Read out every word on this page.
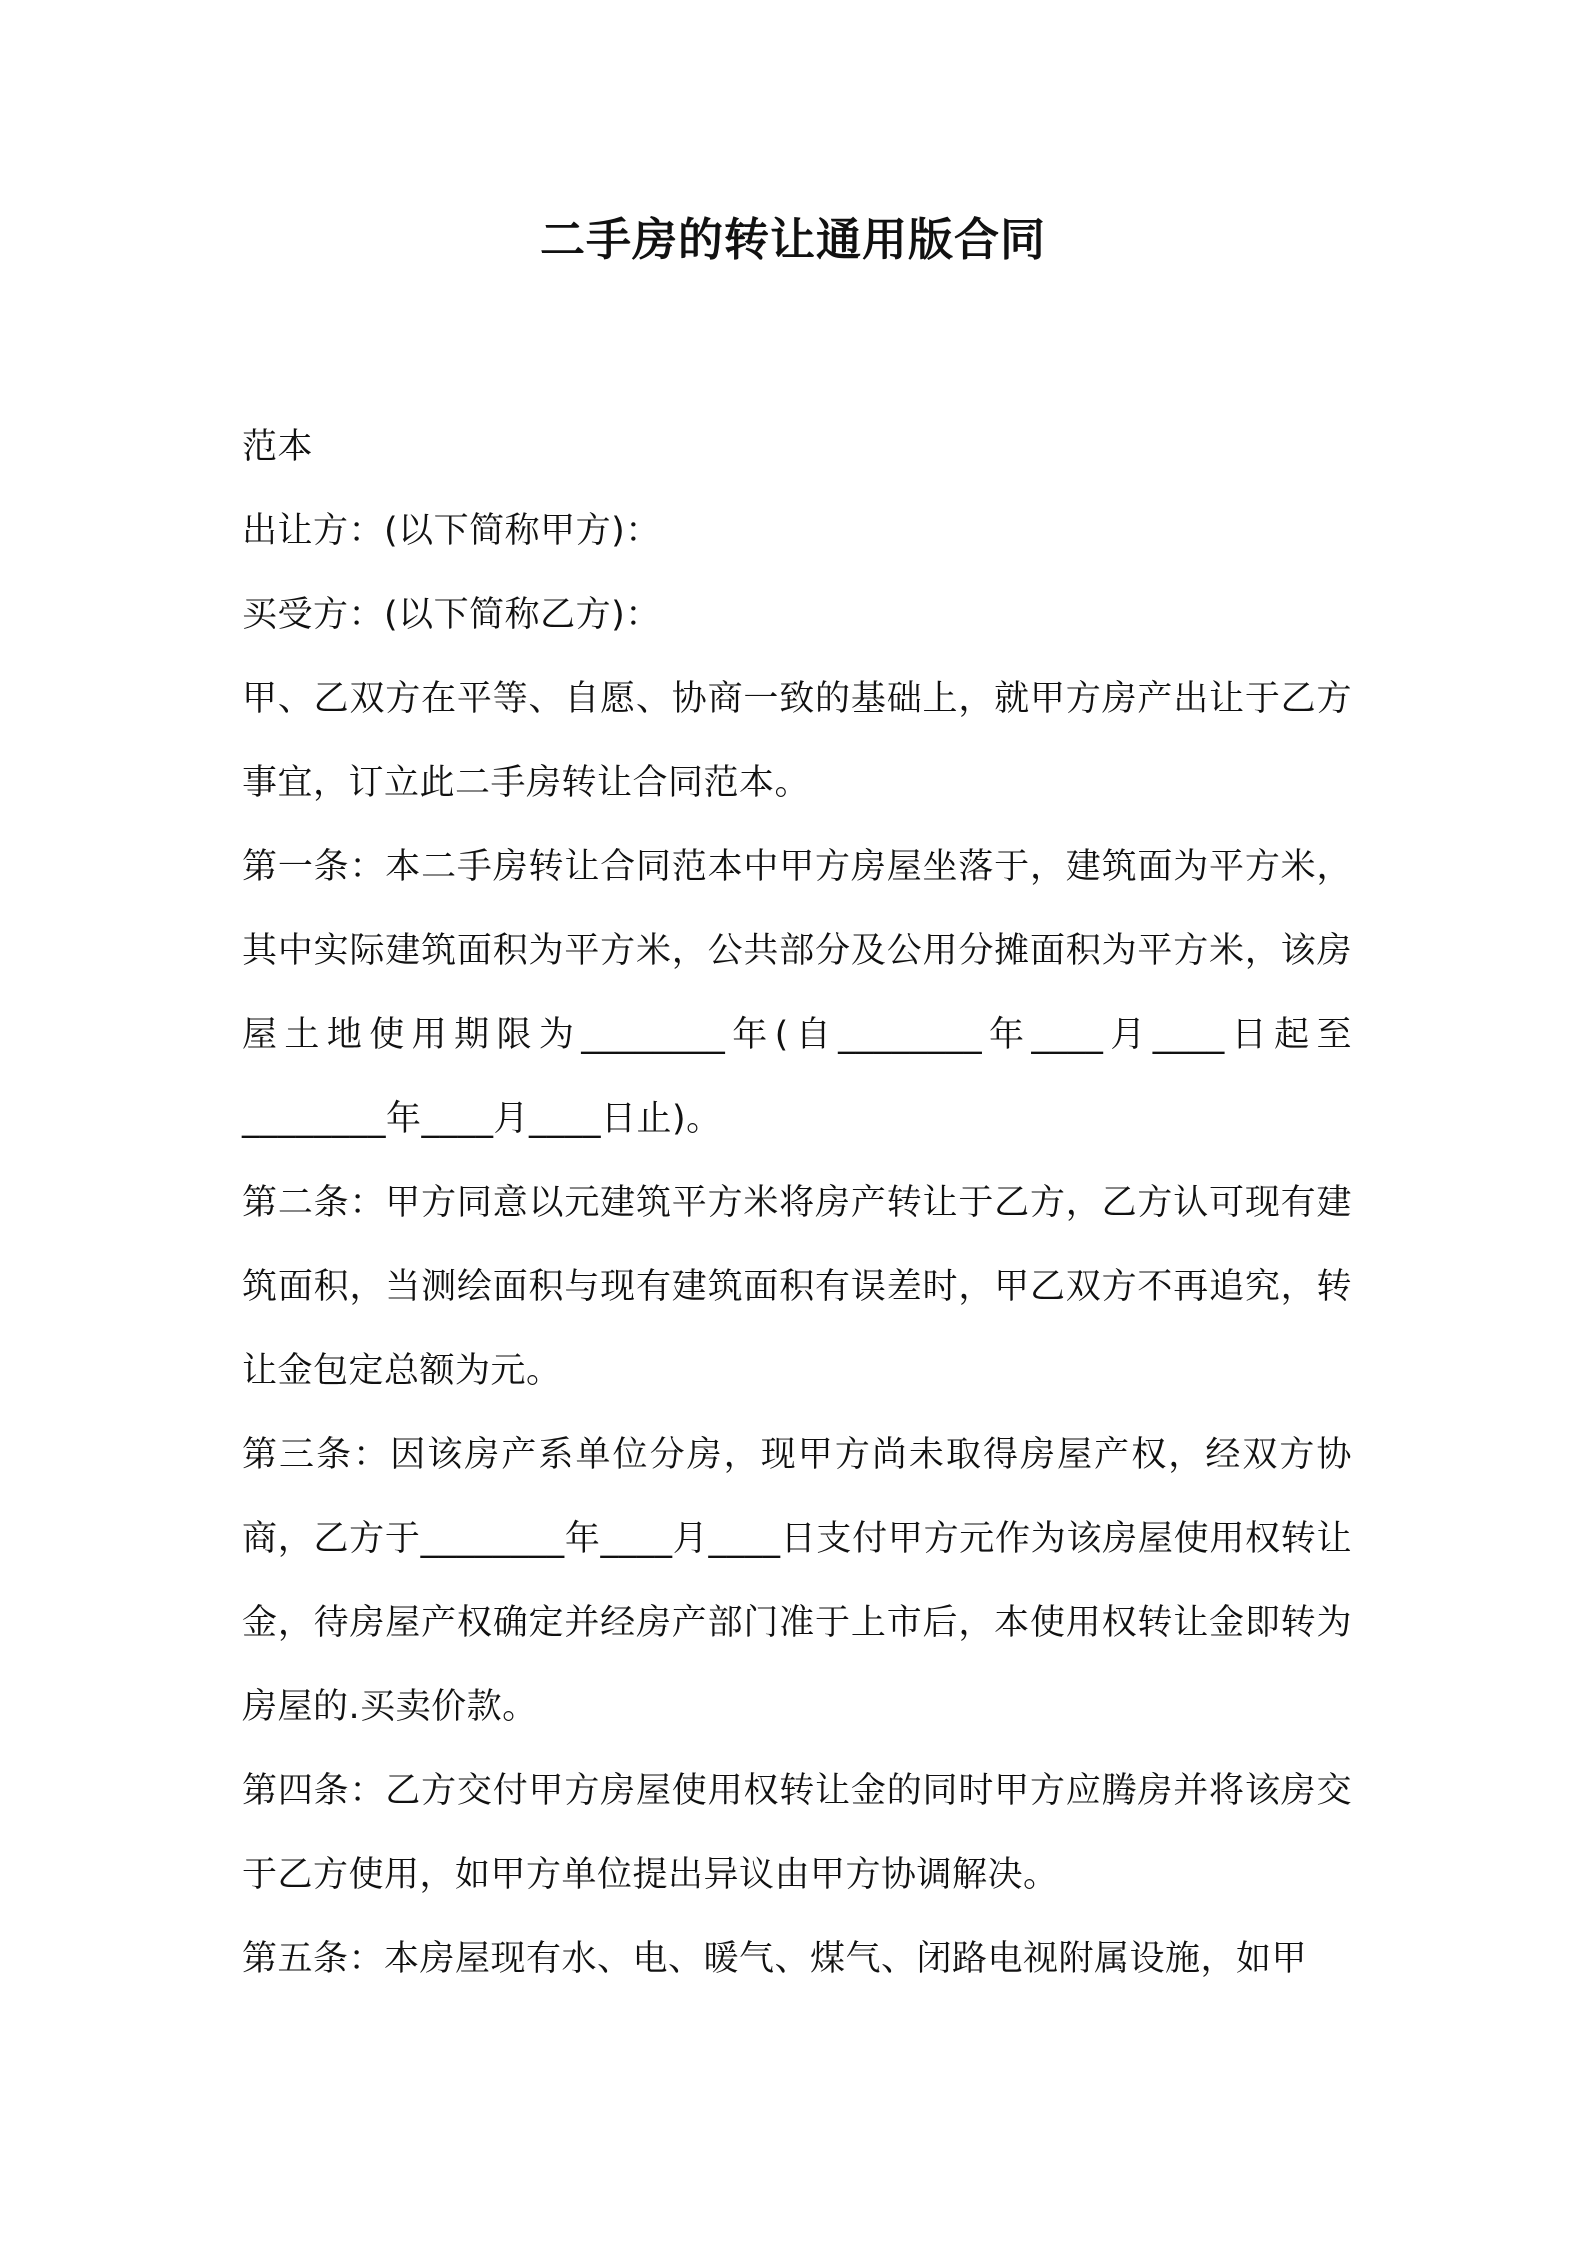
二手房的转让通用版合同

范本

出让方：(以下简称甲方)：

买受方：(以下简称乙方)：

甲、乙双方在平等、自愿、协商一致的基础上，就甲方房产出让于乙方事宜，订立此二手房转让合同范本。

第一条：本二手房转让合同范本中甲方房屋坐落于，建筑面为平方米，其中实际建筑面积为平方米，公共部分及公用分摊面积为平方米，该房屋土地使用期限为________年(自________年____月____日起至________年____月____日止)。

第二条：甲方同意以元建筑平方米将房产转让于乙方，乙方认可现有建筑面积，当测绘面积与现有建筑面积有误差时，甲乙双方不再追究，转让金包定总额为元。

第三条：因该房产系单位分房，现甲方尚未取得房屋产权，经双方协商，乙方于________年____月____日支付甲方元作为该房屋使用权转让金，待房屋产权确定并经房产部门准于上市后，本使用权转让金即转为房屋的.买卖价款。

第四条：乙方交付甲方房屋使用权转让金的同时甲方应腾房并将该房交于乙方使用，如甲方单位提出异议由甲方协调解决。

第五条：本房屋现有水、电、暖气、煤气、闭路电视附属设施，如甲
